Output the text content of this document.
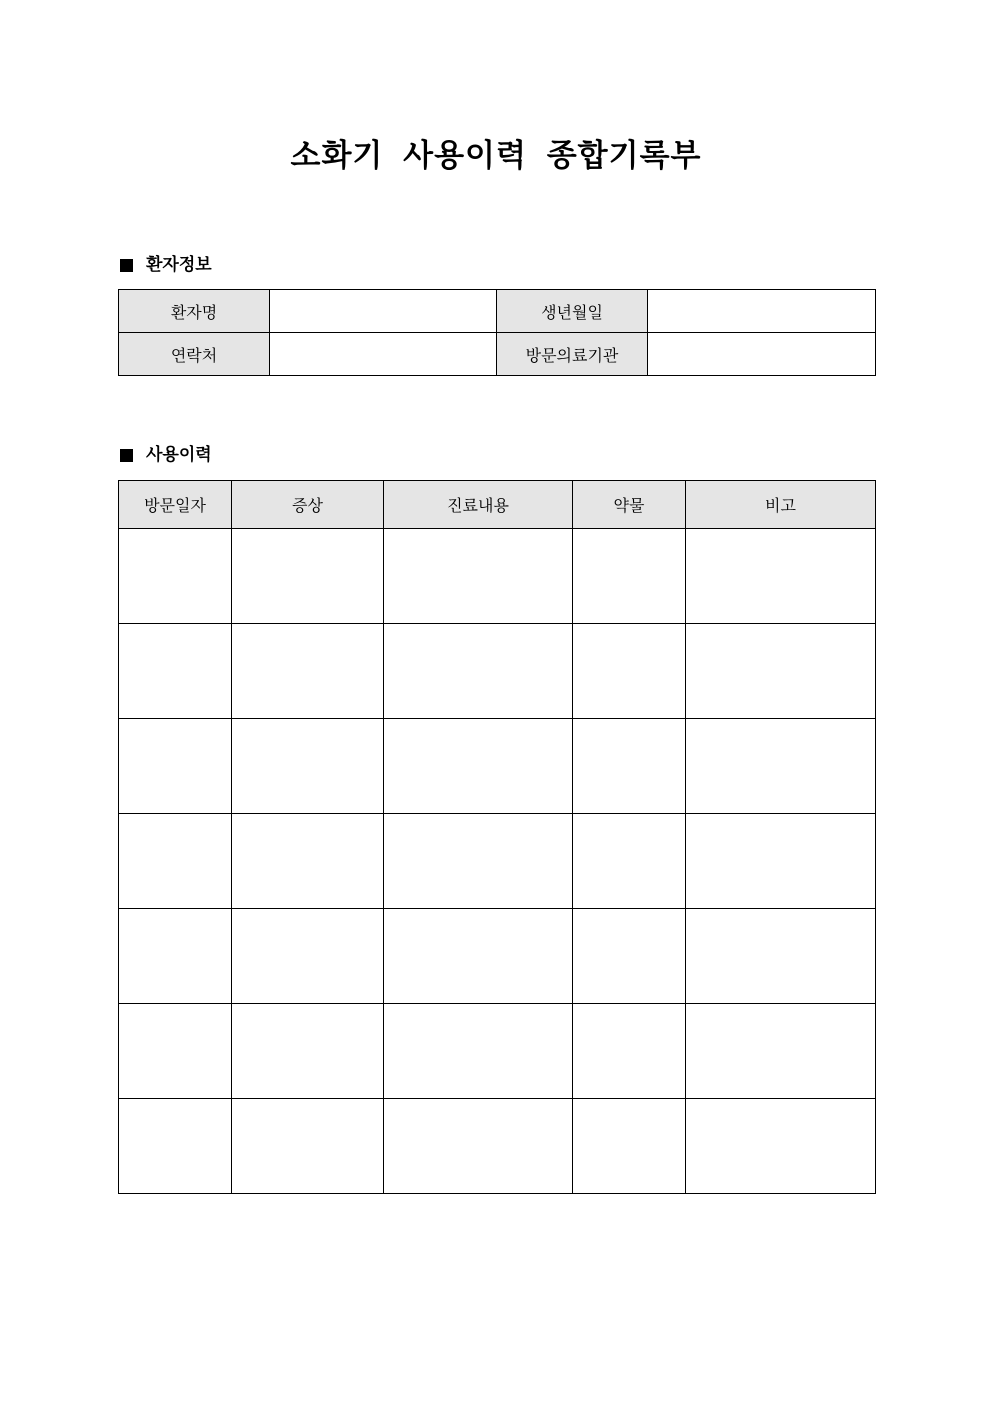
소화기 사용이력 종합기록부
환자정보
환자명		생년월일	
연락처		방문의료기관	
사용이력
방문일자	증상	진료내용	약물	비고
